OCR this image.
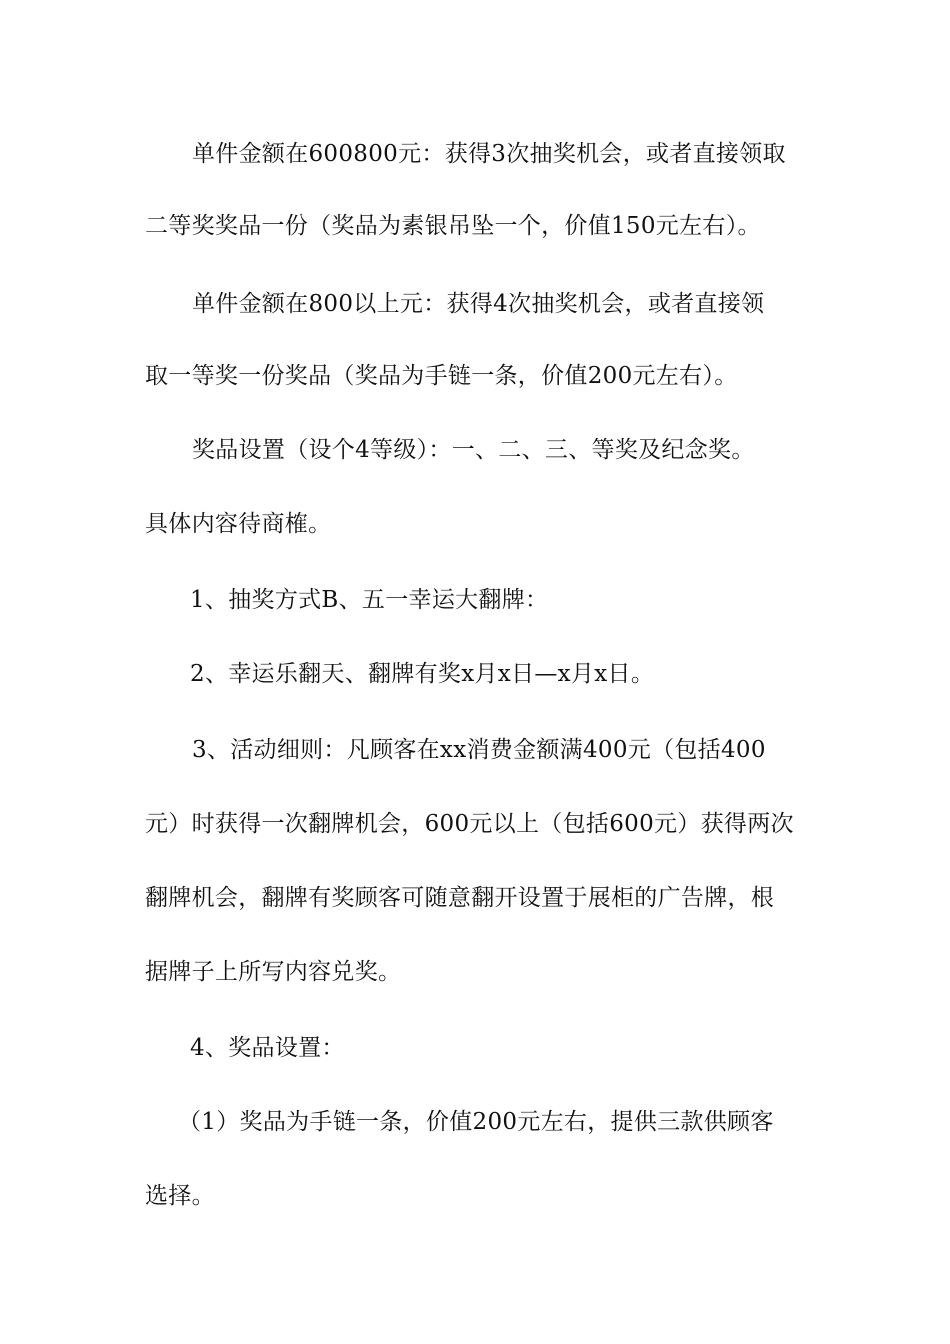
单件金额在600800元：获得3次抽奖机会，或者直接领取
二等奖奖品一份（奖品为素银吊坠一个，价值150元左右）。
单件金额在800以上元：获得4次抽奖机会，或者直接领
取一等奖一份奖品（奖品为手链一条，价值200元左右）。
奖品设置（设个4等级）：一、二、三、等奖及纪念奖。
具体内容待商榷。
1、抽奖方式B、五一幸运大翻牌：
2、幸运乐翻天、翻牌有奖x月x日—x月x日。
3、活动细则：凡顾客在xx消费金额满400元（包括400
元）时获得一次翻牌机会，600元以上（包括600元）获得两次
翻牌机会，翻牌有奖顾客可随意翻开设置于展柜的广告牌，根
据牌子上所写内容兑奖。
4、奖品设置：
（1）奖品为手链一条，价值200元左右，提供三款供顾客
选择。
